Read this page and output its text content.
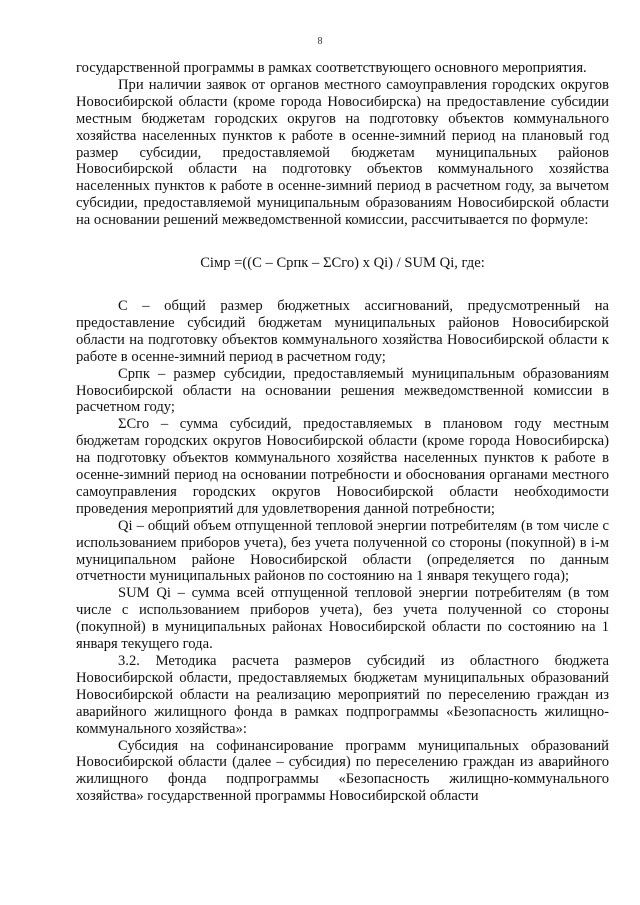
8

государственной программы в рамках соответствующего основного мероприятия.

При наличии заявок от органов местного самоуправления городских округов Новосибирской области (кроме города Новосибирска) на предоставление субсидии местным бюджетам городских округов на подготовку объектов коммунального хозяйства населенных пунктов к работе в осенне-зимний период на плановый год размер субсидии, предоставляемой бюджетам муниципальных районов Новосибирской области на подготовку объектов коммунального хозяйства населенных пунктов к работе в осенне-зимний период в расчетном году, за вычетом субсидии, предоставляемой муниципальным образованиям Новосибирской области на основании решений межведомственной комиссии, рассчитывается по формуле:

Сімр =((С – Српк – ΣСго) х Qi) / SUM Qi, где:

С – общий размер бюджетных ассигнований, предусмотренный на предоставление субсидий бюджетам муниципальных районов Новосибирской области на подготовку объектов коммунального хозяйства Новосибирской области к работе в осенне-зимний период в расчетном году;

Српк – размер субсидии, предоставляемый муниципальным образованиям Новосибирской области на основании решения межведомственной комиссии в расчетном году;

ΣСго – сумма субсидий, предоставляемых в плановом году местным бюджетам городских округов Новосибирской области (кроме города Новосибирска) на подготовку объектов коммунального хозяйства населенных пунктов к работе в осенне-зимний период на основании потребности и обоснования органами местного самоуправления городских округов Новосибирской области необходимости проведения мероприятий для удовлетворения данной потребности;

Qi – общий объем отпущенной тепловой энергии потребителям (в том числе с использованием приборов учета), без учета полученной со стороны (покупной) в i-м муниципальном районе Новосибирской области (определяется по данным отчетности муниципальных районов по состоянию на 1 января текущего года);

SUM Qi – сумма всей отпущенной тепловой энергии потребителям (в том числе с использованием приборов учета), без учета полученной со стороны (покупной) в муниципальных районах Новосибирской области по состоянию на 1 января текущего года.

3.2. Методика расчета размеров субсидий из областного бюджета Новосибирской области, предоставляемых бюджетам муниципальных образований Новосибирской области на реализацию мероприятий по переселению граждан из аварийного жилищного фонда в рамках подпрограммы «Безопасность жилищно-коммунального хозяйства»:

Субсидия на софинансирование программ муниципальных образований Новосибирской области (далее – субсидия) по переселению граждан из аварийного жилищного фонда подпрограммы «Безопасность жилищно-коммунального хозяйства» государственной программы Новосибирской области
